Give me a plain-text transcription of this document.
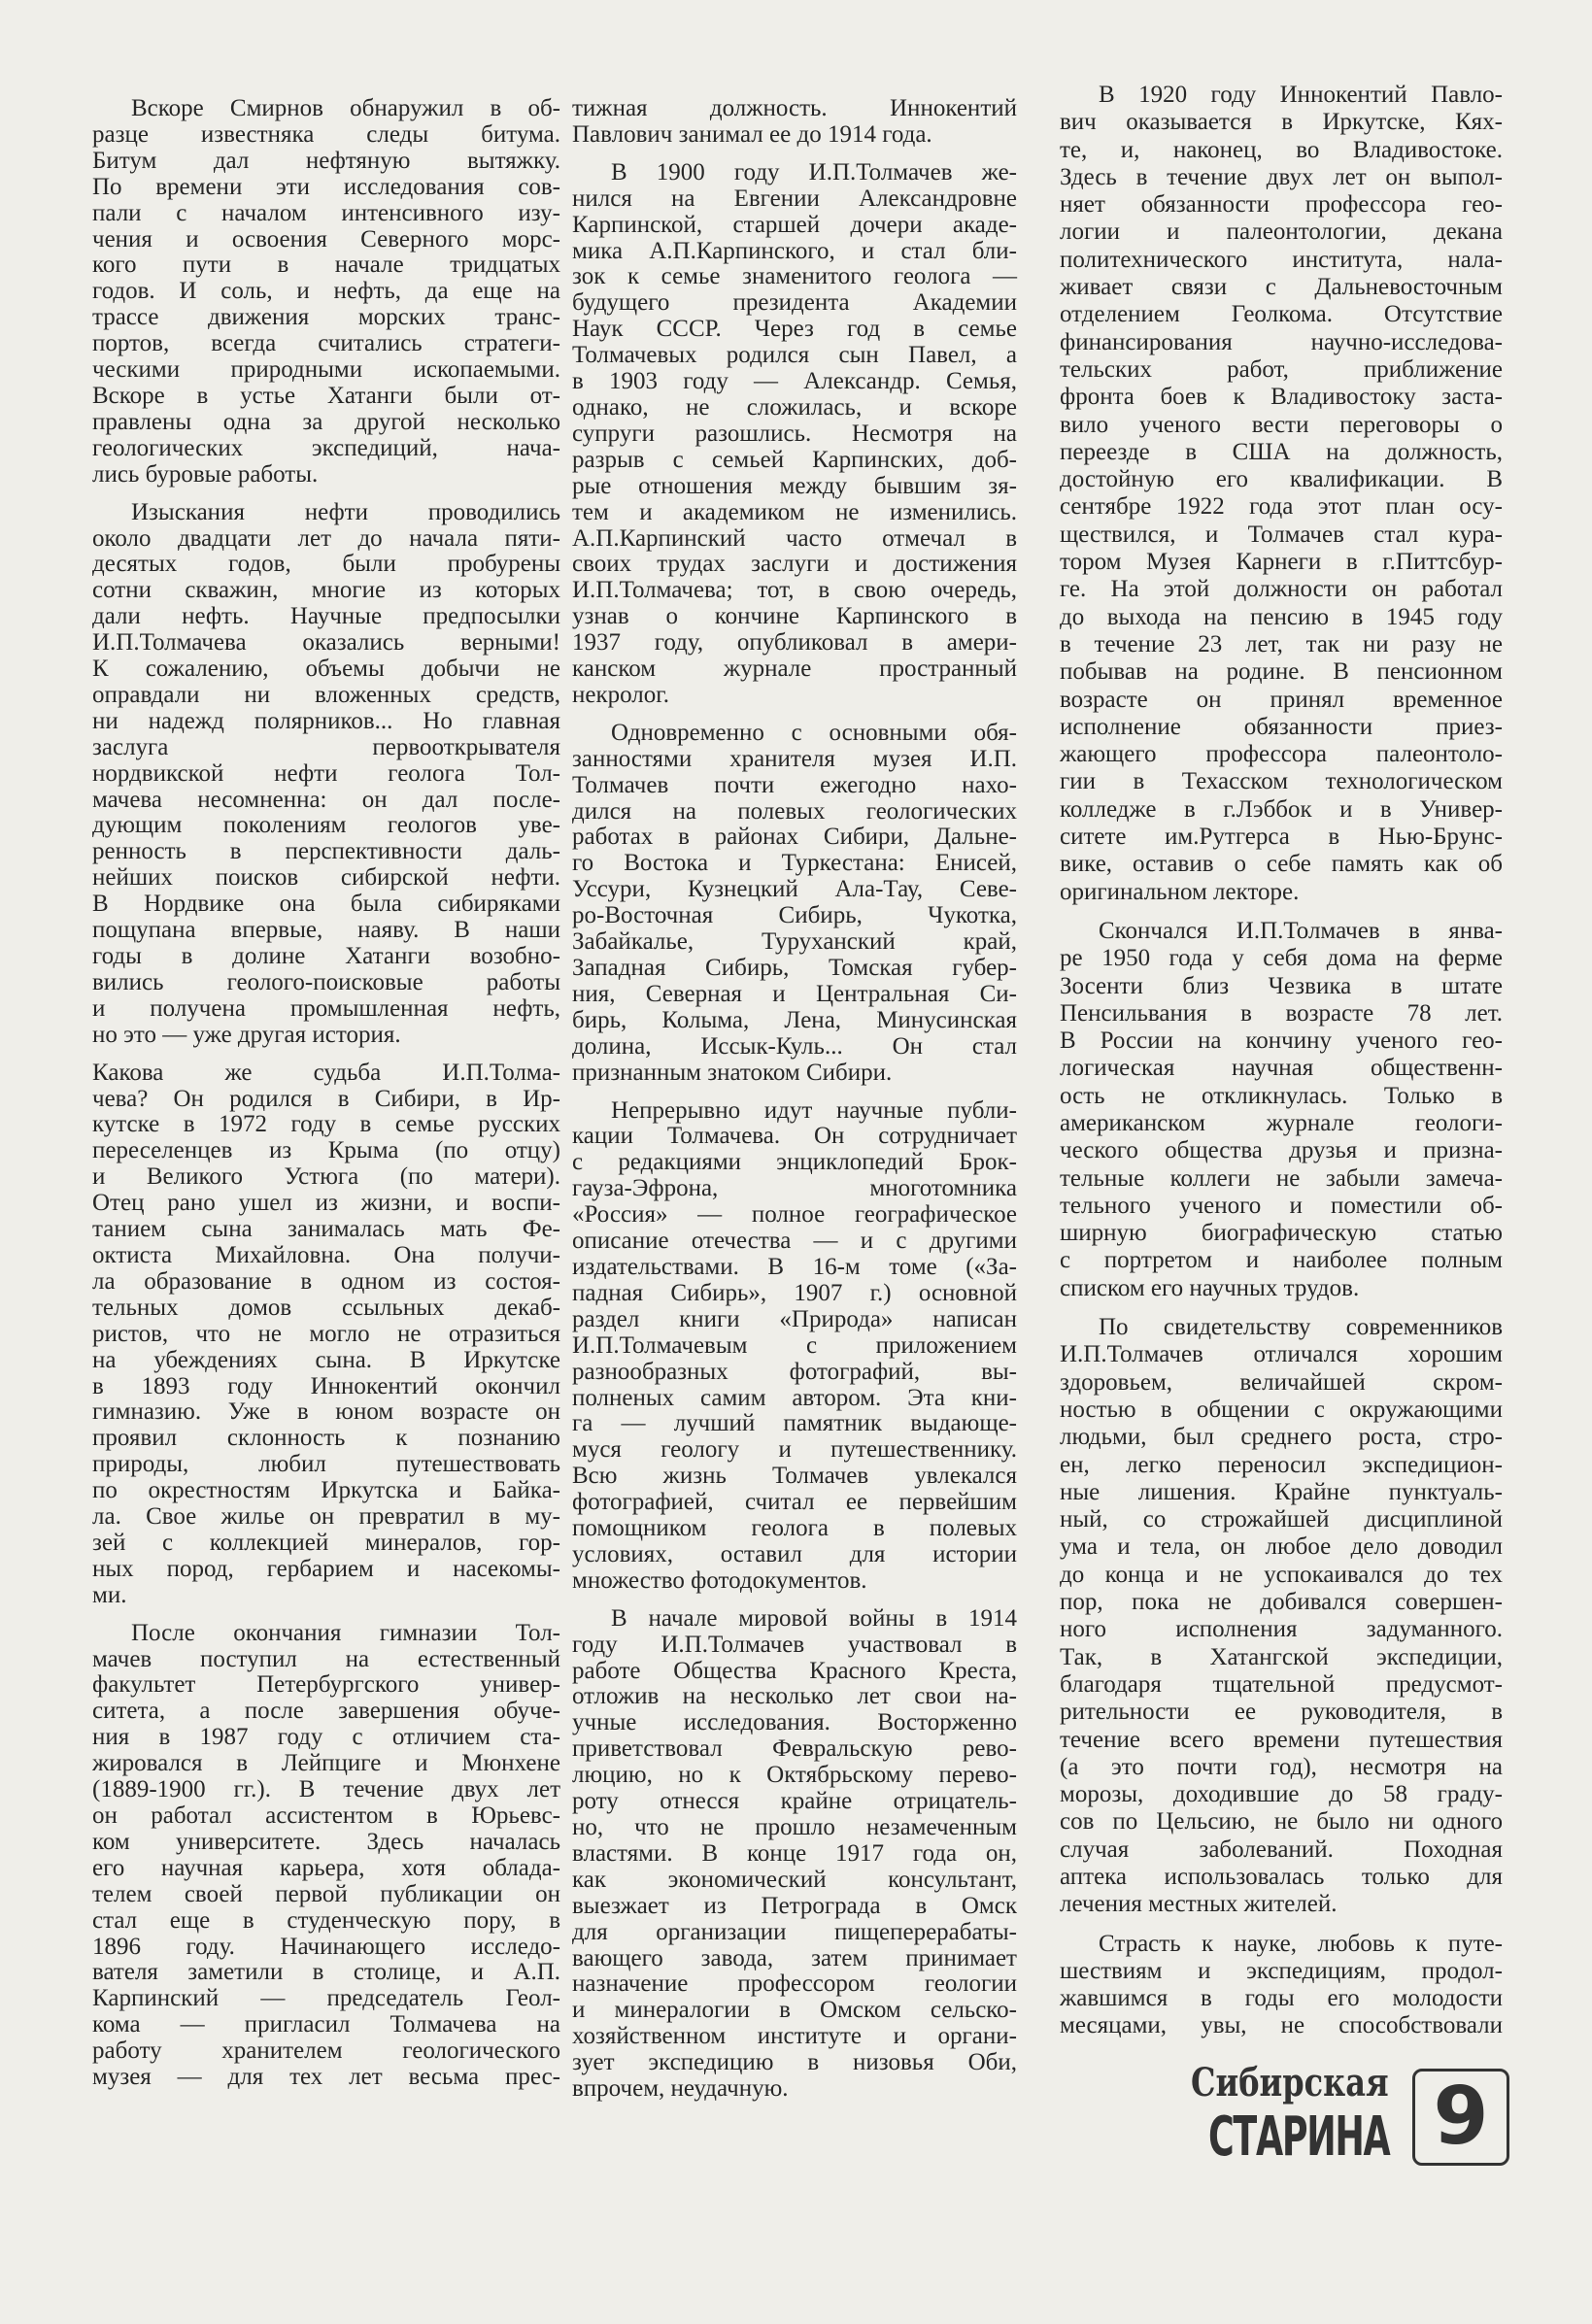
Вскоре Смирнов обнаружил в об-
разце известняка следы битума.
Битум дал нефтяную вытяжку.
По времени эти исследования сов-
пали с началом интенсивного изу-
чения и освоения Северного морс-
кого пути в начале тридцатых
годов. И соль, и нефть, да еще на
трассе движения морских транс-
портов, всегда считались стратеги-
ческими природными ископаемыми.
Вскоре в устье Хатанги были от-
правлены одна за другой несколько
геологических экспедиций, нача-
лись буровые работы.
Изыскания нефти проводились
около двадцати лет до начала пяти-
десятых годов, были пробурены
сотни скважин, многие из которых
дали нефть. Научные предпосылки
И.П.Толмачева оказались верными!
К сожалению, объемы добычи не
оправдали ни вложенных средств,
ни надежд полярников... Но главная
заслуга первооткрывателя
нордвикской нефти геолога Тол-
мачева несомненна: он дал после-
дующим поколениям геологов уве-
ренность в перспективности даль-
нейших поисков сибирской нефти.
В Нордвике она была сибиряками
пощупана впервые, наяву. В наши
годы в долине Хатанги возобно-
вились геолого-поисковые работы
и получена промышленная нефть,
но это — уже другая история.
Какова же судьба И.П.Толма-
чева? Он родился в Сибири, в Ир-
кутске в 1972 году в семье русских
переселенцев из Крыма (по отцу)
и Великого Устюга (по матери).
Отец рано ушел из жизни, и воспи-
танием сына занималась мать Фе-
октиста Михайловна. Она получи-
ла образование в одном из состоя-
тельных домов ссыльных декаб-
ристов, что не могло не отразиться
на убеждениях сына. В Иркутске
в 1893 году Иннокентий окончил
гимназию. Уже в юном возрасте он
проявил склонность к познанию
природы, любил путешествовать
по окрестностям Иркутска и Байка-
ла. Свое жилье он превратил в му-
зей с коллекцией минералов, гор-
ных пород, гербарием и насекомы-
ми.
После окончания гимназии Тол-
мачев поступил на естественный
факультет Петербургского универ-
ситета, а после завершения обуче-
ния в 1987 году с отличием ста-
жировался в Лейпциге и Мюнхене
(1889-1900 гг.). В течение двух лет
он работал ассистентом в Юрьевс-
ком университете. Здесь началась
его научная карьера, хотя облада-
телем своей первой публикации он
стал еще в студенческую пору, в
1896 году. Начинающего исследо-
вателя заметили в столице, и А.П.
Карпинский — председатель Геол-
кома — пригласил Толмачева на
работу хранителем геологического
музея — для тех лет весьма прес-
тижная должность. Иннокентий
Павлович занимал ее до 1914 года.
В 1900 году И.П.Толмачев же-
нился на Евгении Александровне
Карпинской, старшей дочери акаде-
мика А.П.Карпинского, и стал бли-
зок к семье знаменитого геолога —
будущего президента Академии
Наук СССР. Через год в семье
Толмачевых родился сын Павел, а
в 1903 году — Александр. Семья,
однако, не сложилась, и вскоре
супруги разошлись. Несмотря на
разрыв с семьей Карпинских, доб-
рые отношения между бывшим зя-
тем и академиком не изменились.
А.П.Карпинский часто отмечал в
своих трудах заслуги и достижения
И.П.Толмачева; тот, в свою очередь,
узнав о кончине Карпинского в
1937 году, опубликовал в амери-
канском журнале пространный
некролог.
Одновременно с основными обя-
занностями хранителя музея И.П.
Толмачев почти ежегодно нахо-
дился на полевых геологических
работах в районах Сибири, Дальне-
го Востока и Туркестана: Енисей,
Уссури, Кузнецкий Ала-Тау, Севе-
ро-Восточная Сибирь, Чукотка,
Забайкалье, Туруханский край,
Западная Сибирь, Томская губер-
ния, Северная и Центральная Си-
бирь, Колыма, Лена, Минусинская
долина, Иссык-Куль... Он стал
признанным знатоком Сибири.
Непрерывно идут научные публи-
кации Толмачева. Он сотрудничает
с редакциями энциклопедий Брок-
гауза-Эфрона, многотомника
«Россия» — полное географическое
описание отечества — и с другими
издательствами. В 16-м томе («За-
падная Сибирь», 1907 г.) основной
раздел книги «Природа» написан
И.П.Толмачевым с приложением
разнообразных фотографий, вы-
полненых самим автором. Эта кни-
га — лучший памятник выдающе-
муся геологу и путешественнику.
Всю жизнь Толмачев увлекался
фотографией, считал ее первейшим
помощником геолога в полевых
условиях, оставил для истории
множество фотодокументов.
В начале мировой войны в 1914
году И.П.Толмачев участвовал в
работе Общества Красного Креста,
отложив на несколько лет свои на-
учные исследования. Восторженно
приветствовал Февральскую рево-
люцию, но к Октябрьскому перево-
роту отнесся крайне отрицатель-
но, что не прошло незамеченным
властями. В конце 1917 года он,
как экономический консультант,
выезжает из Петрограда в Омск
для организации пищеперерабаты-
вающего завода, затем принимает
назначение профессором геологии
и минералогии в Омском сельско-
хозяйственном институте и органи-
зует экспедицию в низовья Оби,
впрочем, неудачную.
В 1920 году Иннокентий Павло-
вич оказывается в Иркутске, Кях-
те, и, наконец, во Владивостоке.
Здесь в течение двух лет он выпол-
няет обязанности профессора гео-
логии и палеонтологии, декана
политехнического института, нала-
живает связи с Дальневосточным
отделением Геолкома. Отсутствие
финансирования научно-исследова-
тельских работ, приближение
фронта боев к Владивостоку заста-
вило ученого вести переговоры о
переезде в США на должность,
достойную его квалификации. В
сентябре 1922 года этот план осу-
ществился, и Толмачев стал кура-
тором Музея Карнеги в г.Питтсбур-
ге. На этой должности он работал
до выхода на пенсию в 1945 году
в течение 23 лет, так ни разу не
побывав на родине. В пенсионном
возрасте он принял временное
исполнение обязанности приез-
жающего профессора палеонтоло-
гии в Техасском технологическом
колледже в г.Лэббок и в Универ-
ситете им.Рутгерса в Нью-Брунс-
вике, оставив о себе память как об
оригинальном лекторе.
Скончался И.П.Толмачев в янва-
ре 1950 года у себя дома на ферме
Зосенти близ Чезвика в штате
Пенсильвания в возрасте 78 лет.
В России на кончину ученого гео-
логическая научная общественн-
ость не откликнулась. Только в
американском журнале геологи-
ческого общества друзья и призна-
тельные коллеги не забыли замеча-
тельного ученого и поместили об-
ширную биографическую статью
с портретом и наиболее полным
списком его научных трудов.
По свидетельству современников
И.П.Толмачев отличался хорошим
здоровьем, величайшей скром-
ностью в общении с окружающими
людьми, был среднего роста, стро-
ен, легко переносил экспедицион-
ные лишения. Крайне пунктуаль-
ный, со строжайшей дисциплиной
ума и тела, он любое дело доводил
до конца и не успокаивался до тех
пор, пока не добивался совершен-
ного исполнения задуманного.
Так, в Хатангской экспедиции,
благодаря тщательной предусмот-
рительности ее руководителя, в
течение всего времени путешествия
(а это почти год), несмотря на
морозы, доходившие до 58 граду-
сов по Цельсию, не было ни одного
случая заболеваний. Походная
аптека использовалась только для
лечения местных жителей.
Страсть к науке, любовь к путе-
шествиям и экспедициям, продол-
жавшимся в годы его молодости
месяцами, увы, не способствовали
Сибирская
СТАРИНА 9
